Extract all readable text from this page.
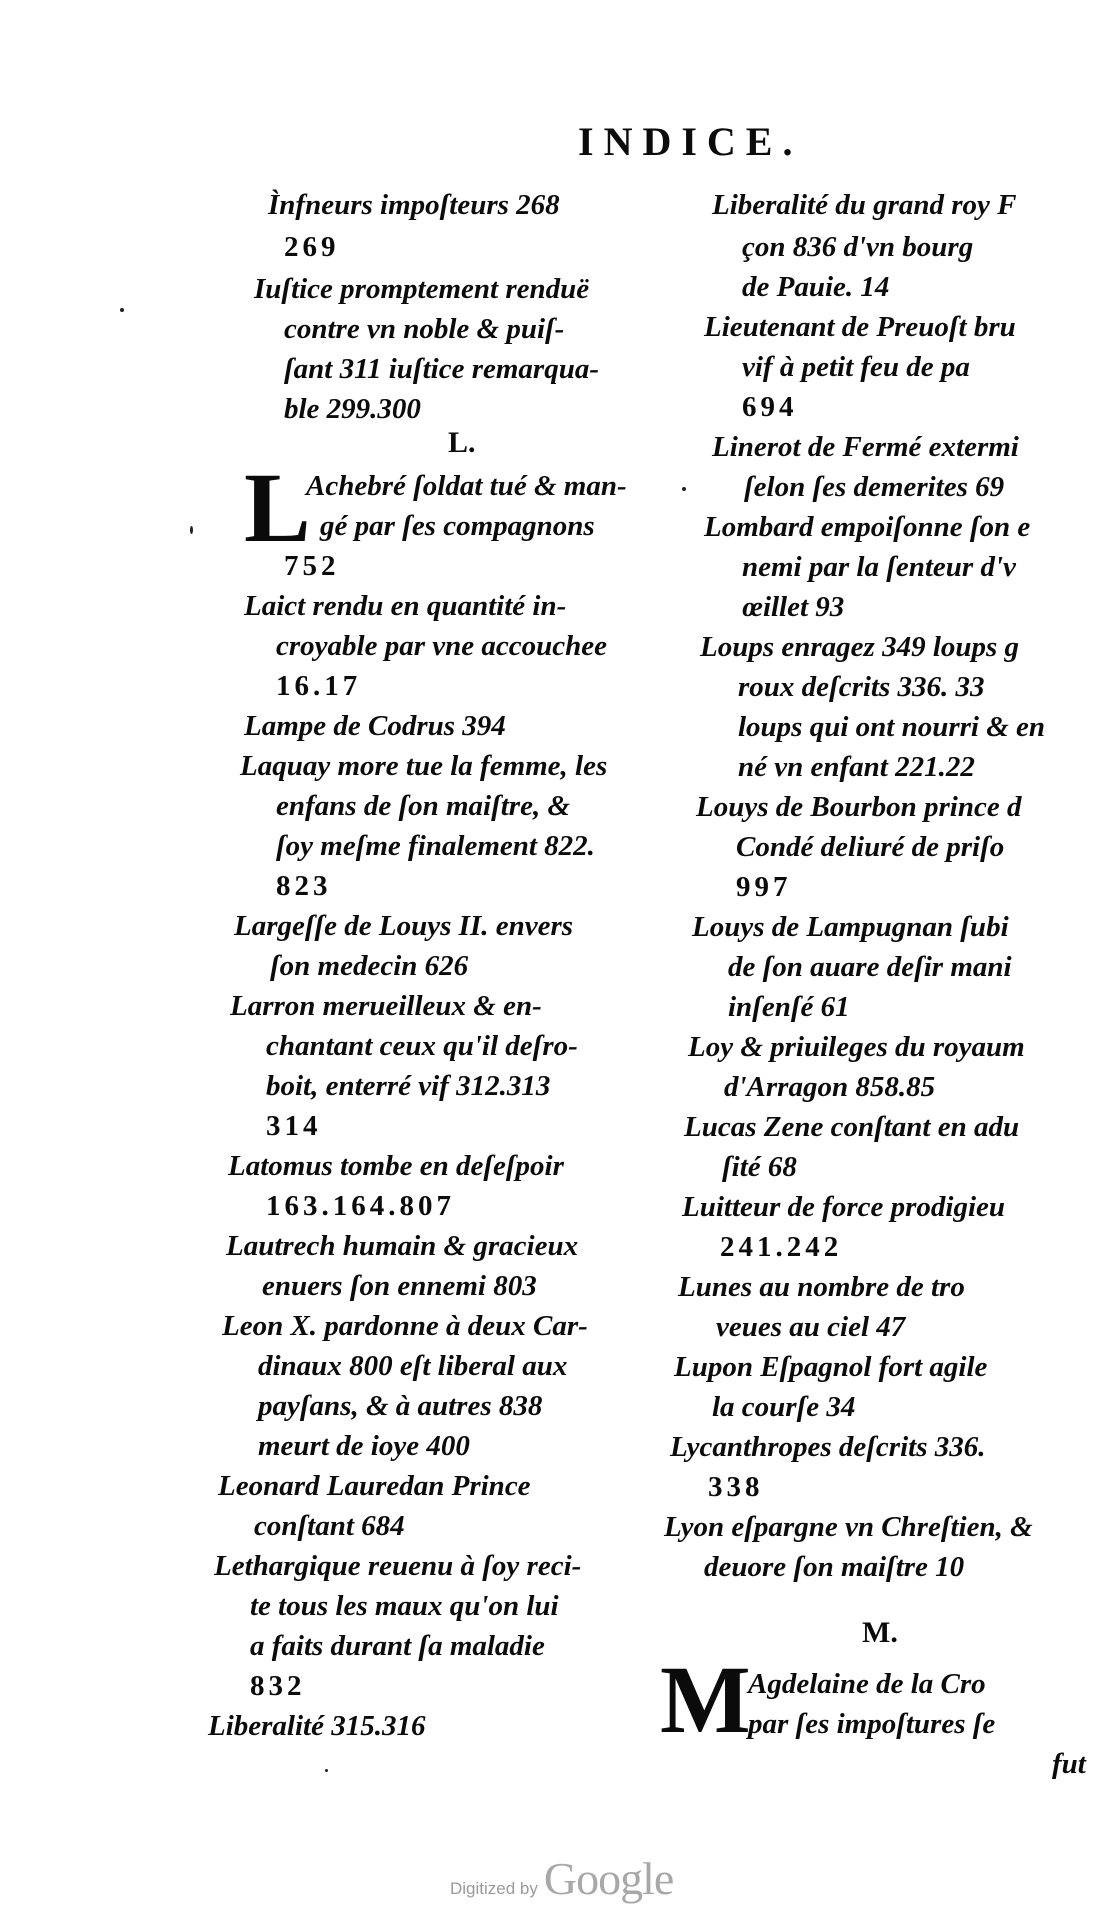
INDICE.
Ìnfneurs impoſteurs 268
269
Iuſtice promptement renduë
contre vn noble & puiſ-
ſant 311 iuſtice remarqua-
ble 299.300
L.
L
Achebré ſoldat tué & man-
gé par ſes compagnons
752
Laict rendu en quantité in-
croyable par vne accouchee
16.17
Lampe de Codrus 394
Laquay more tue la femme, les
enfans de ſon maiſtre, &
ſoy meſme finalement 822.
823
Largeſſe de Louys II. envers
ſon medecin 626
Larron merueilleux & en-
chantant ceux qu'il deſro-
boit, enterré vif 312.313
314
Latomus tombe en deſeſpoir
163.164.807
Lautrech humain & gracieux
enuers ſon ennemi 803
Leon X. pardonne à deux Car-
dinaux 800 eſt liberal aux
payſans, & à autres 838
meurt de ioye 400
Leonard Lauredan Prince
conſtant 684
Lethargique reuenu à ſoy reci-
te tous les maux qu'on lui
a faits durant ſa maladie
832
Liberalité 315.316
Liberalité du grand roy F
çon 836 d'vn bourg
de Pauie. 14
Lieutenant de Preuoſt bru
vif à petit feu de pa
694
Linerot de Fermé extermi
ſelon ſes demerites 69
Lombard empoiſonne ſon e
nemi par la ſenteur d'v
œillet 93
Loups enragez 349 loups g
roux deſcrits 336. 33
loups qui ont nourri & en
né vn enfant 221.22
Louys de Bourbon prince d
Condé deliuré de priſo
997
Louys de Lampugnan ſubi
de ſon auare deſir mani
inſenſé 61
Loy & priuileges du royaum
d'Arragon 858.85
Lucas Zene conſtant en adu
ſité 68
Luitteur de force prodigieu
241.242
Lunes au nombre de tro
veues au ciel 47
Lupon Eſpagnol fort agile
la courſe 34
Lycanthropes deſcrits 336.
338
Lyon eſpargne vn Chreſtien, &
deuore ſon maiſtre 10
M.
M
Agdelaine de la Cro
par ſes impoſtures ſe
fut
Digitized by Google
